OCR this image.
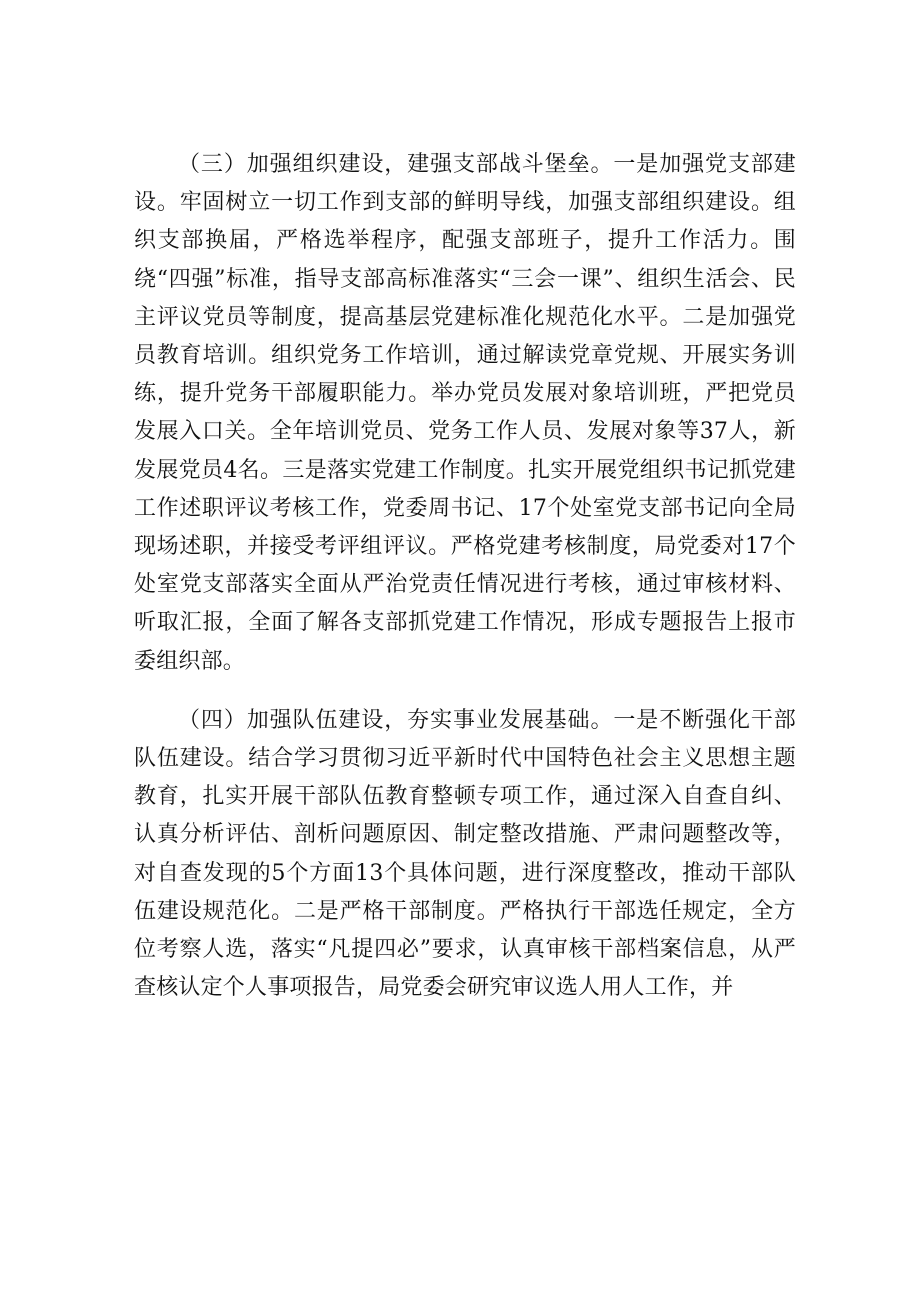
（三）加强组织建设，建强支部战斗堡垒。一是加强党支部建设。牢固树立一切工作到支部的鲜明导线，加强支部组织建设。组织支部换届，严格选举程序，配强支部班子，提升工作活力。围绕“四强”标准，指导支部高标准落实“三会一课”、组织生活会、民主评议党员等制度，提高基层党建标准化规范化水平。二是加强党员教育培训。组织党务工作培训，通过解读党章党规、开展实务训练，提升党务干部履职能力。举办党员发展对象培训班，严把党员发展入口关。全年培训党员、党务工作人员、发展对象等37人，新发展党员4名。三是落实党建工作制度。扎实开展党组织书记抓党建工作述职评议考核工作，党委周书记、17个处室党支部书记向全局现场述职，并接受考评组评议。严格党建考核制度，局党委对17个处室党支部落实全面从严治党责任情况进行考核，通过审核材料、听取汇报，全面了解各支部抓党建工作情况，形成专题报告上报市委组织部。

（四）加强队伍建设，夯实事业发展基础。一是不断强化干部队伍建设。结合学习贯彻习近平新时代中国特色社会主义思想主题教育，扎实开展干部队伍教育整顿专项工作，通过深入自查自纠、认真分析评估、剖析问题原因、制定整改措施、严肃问题整改等，对自查发现的5个方面13个具体问题，进行深度整改，推动干部队伍建设规范化。二是严格干部制度。严格执行干部选任规定，全方位考察人选，落实“凡提四必”要求，认真审核干部档案信息，从严查核认定个人事项报告，局党委会研究审议选人用人工作，并
